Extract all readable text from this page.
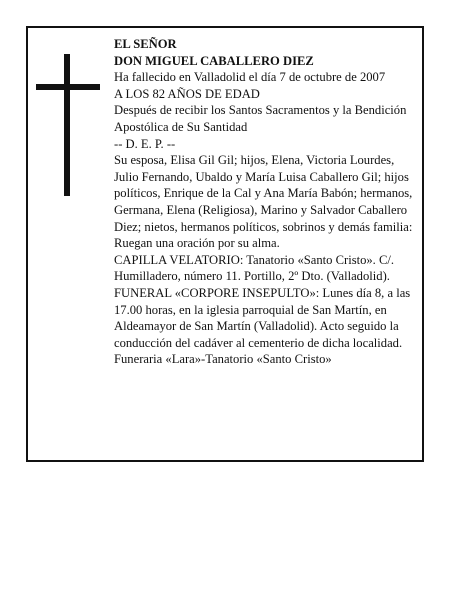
EL SEÑOR

DON MIGUEL CABALLERO DIEZ

Ha fallecido en Valladolid el día 7 de octubre de 2007

A LOS 82 AÑOS DE EDAD

Después de recibir los Santos Sacramentos y la Bendición Apostólica de Su Santidad

-- D. E. P. --

Su esposa, Elisa Gil Gil; hijos, Elena, Victoria Lourdes, Julio Fernando, Ubaldo y María Luisa Caballero Gil; hijos políticos, Enrique de la Cal y Ana María Babón; hermanos, Germana, Elena (Religiosa), Marino y Salvador Caballero Diez; nietos, hermanos políticos, sobrinos y demás familia:

Ruegan una oración por su alma.

CAPILLA VELATORIO: Tanatorio «Santo Cristo». C/. Humilladero, número 11. Portillo, 2º Dto. (Valladolid).

FUNERAL «CORPORE INSEPULTO»: Lunes día 8, a las 17.00 horas, en la iglesia parroquial de San Martín, en Aldeamayor de San Martín (Valladolid). Acto seguido la conducción del cadáver al cementerio de dicha localidad.

Funeraria «Lara»-Tanatorio «Santo Cristo»
